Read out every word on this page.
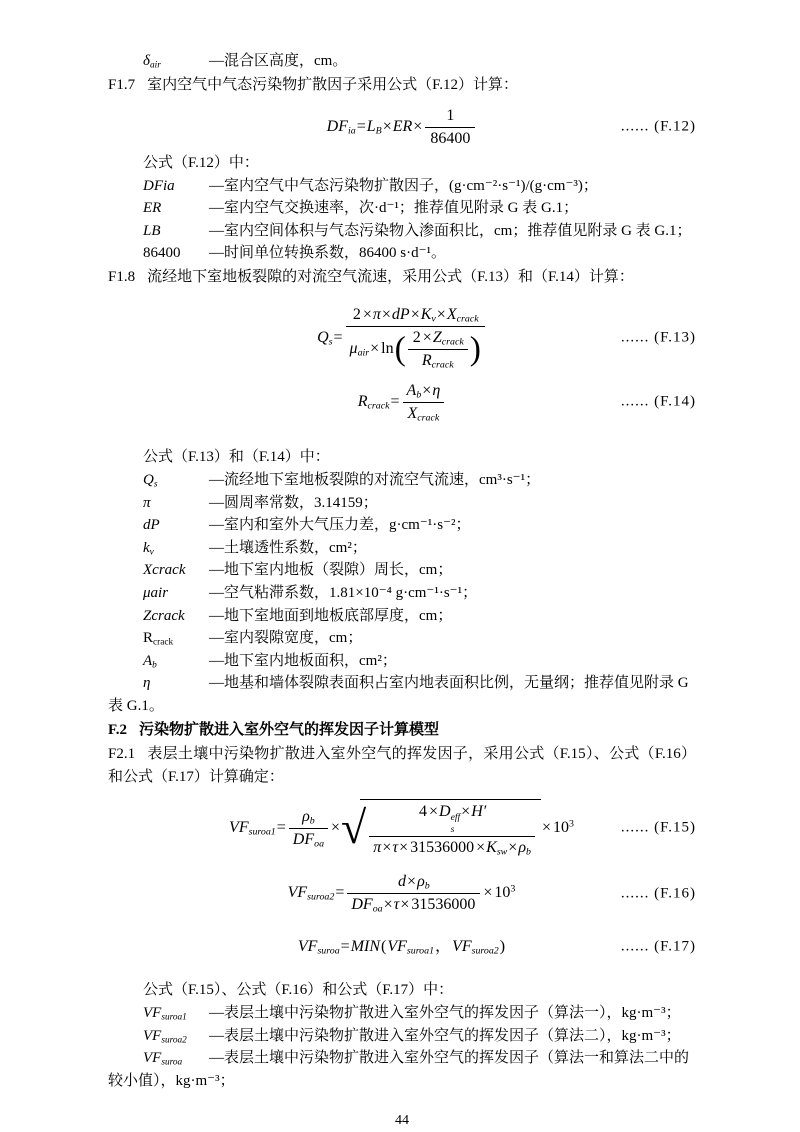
$\delta_{air}$	—混合区高度，cm。

F1.7 室内空气中气态污染物扩散因子采用公式（F.12）计算：

$DF_{ia}=L_B\times ER\times \frac{1}{86400}$	...... (F.12)

公式（F.12）中：

DFia —室内空气中气态污染物扩散因子，(g·cm⁻²·s⁻¹)/(g·cm⁻³)；

ER	—室内空气交换速率，次·d⁻¹；推荐值见附录 G 表 G.1；

LB	—室内空间体积与气态污染物入渗面积比，cm；推荐值见附录 G 表 G.1；

86400 —时间单位转换系数，86400 s·d⁻¹。

F1.8 流经地下室地板裂隙的对流空气流速，采用公式（F.13）和（F.14）计算：

$Q_s= \frac{2 \times\pi\times dP\times K_v\times X_{crack}}{\mu_{air}\times \ln( \frac{2 \times Z_{crack}}{R_{crack}} )}$	...... (F.13)
$R_{crack}= \frac{A_b\times\eta}{X_{crack}}$	...... (F.14)

公式（F.13）和（F.14）中：

$Q_s$	—流经地下室地板裂隙的对流空气流速，cm³·s⁻¹；

π	—圆周率常数，3.14159；

dP	—室内和室外大气压力差，g·cm⁻¹·s⁻²；

$k_v$	—土壤透性系数，cm²；

Xcrack —地下室内地板（裂隙）周长，cm；

μair	—空气粘滞系数，1.81×10⁻⁴ g·cm⁻¹·s⁻¹；

Zcrack —地下室地面到地板底部厚度，cm；

$R_{crack}$ —室内裂隙宽度，cm；

$A_b$	—地下室内地板面积，cm²；

η	—地基和墙体裂隙表面积占室内地表面积比例，无量纲；推荐值见附录 G 表 G.1。

F.2 污染物扩散进入室外空气的挥发因子计算模型

F2.1 表层土壤中污染物扩散进入室外空气的挥发因子，采用公式（F.15）、公式（F.16）和公式（F.17）计算确定：

$VF_{suroa1}= \frac{\rho_b}{DF_{oa}}$ × √ 4 ×D eff
s
×H′
$\pi\times\tau\times 31536000 \times K_{sw}\times\rho_b \times 10^3$	...... (F.15)
$VF_{suroa2}= \frac{d\times\rho_b}{DF_{oa}\times\tau\times 31536000} \times 10^3$	...... (F.16)
$VF_{suroa}=MIN(VF_{suroa1}$，$VF_{suroa2}$)	...... (F.17)

公式（F.15）、公式（F.16）和公式（F.17）中：

$VF_{suroa1}$ —表层土壤中污染物扩散进入室外空气的挥发因子（算法一），kg·m⁻³；

$VF_{suroa2}$ —表层土壤中污染物扩散进入室外空气的挥发因子（算法二），kg·m⁻³；

$VF_{suroa}$ —表层土壤中污染物扩散进入室外空气的挥发因子（算法一和算法二中的较小值），kg·m⁻³；

44
